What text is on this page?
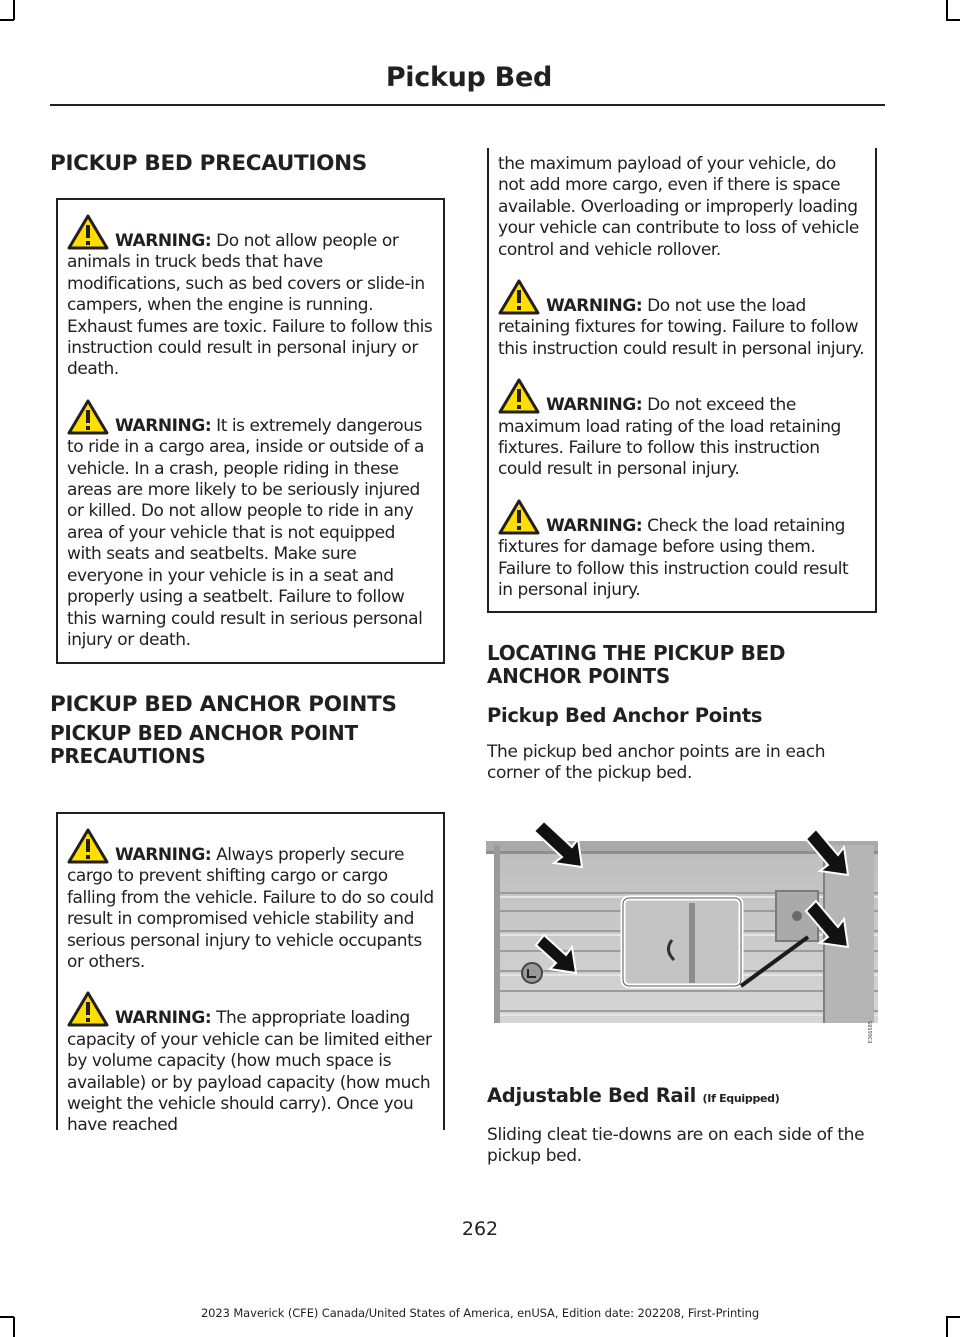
Pickup Bed
PICKUP BED PRECAUTIONS

WARNING: Do not allow people or animals in truck beds that have modifications, such as bed covers or slide-in campers, when the engine is running. Exhaust fumes are toxic. Failure to follow this instruction could result in personal injury or death.

WARNING: It is extremely dangerous to ride in a cargo area, inside or outside of a vehicle. In a crash, people riding in these areas are more likely to be seriously injured or killed. Do not allow people to ride in any area of your vehicle that is not equipped with seats and seatbelts. Make sure everyone in your vehicle is in a seat and properly using a seatbelt. Failure to follow this warning could result in serious personal injury or death.

PICKUP BED ANCHOR POINTS
PICKUP BED ANCHOR POINT PRECAUTIONS

WARNING: Always properly secure cargo to prevent shifting cargo or cargo falling from the vehicle. Failure to do so could result in compromised vehicle stability and serious personal injury to vehicle occupants or others.

WARNING: The appropriate loading capacity of your vehicle can be limited either by volume capacity (how much space is available) or by payload capacity (how much weight the vehicle should carry). Once you have reached

the maximum payload of your vehicle, do not add more cargo, even if there is space available. Overloading or improperly loading your vehicle can contribute to loss of vehicle control and vehicle rollover.

WARNING: Do not use the load retaining fixtures for towing. Failure to follow this instruction could result in personal injury.

WARNING: Do not exceed the maximum load rating of the load retaining fixtures. Failure to follow this instruction could result in personal injury.

WARNING: Check the load retaining fixtures for damage before using them. Failure to follow this instruction could result in personal injury.

LOCATING THE PICKUP BED ANCHOR POINTS
Pickup Bed Anchor Points

The pickup bed anchor points are in each corner of the pickup bed.

E366585
Adjustable Bed Rail (If Equipped)

Sliding cleat tie-downs are on each side of the pickup bed.

262
2023 Maverick (CFE) Canada/United States of America, enUSA, Edition date: 202208, First-Printing
